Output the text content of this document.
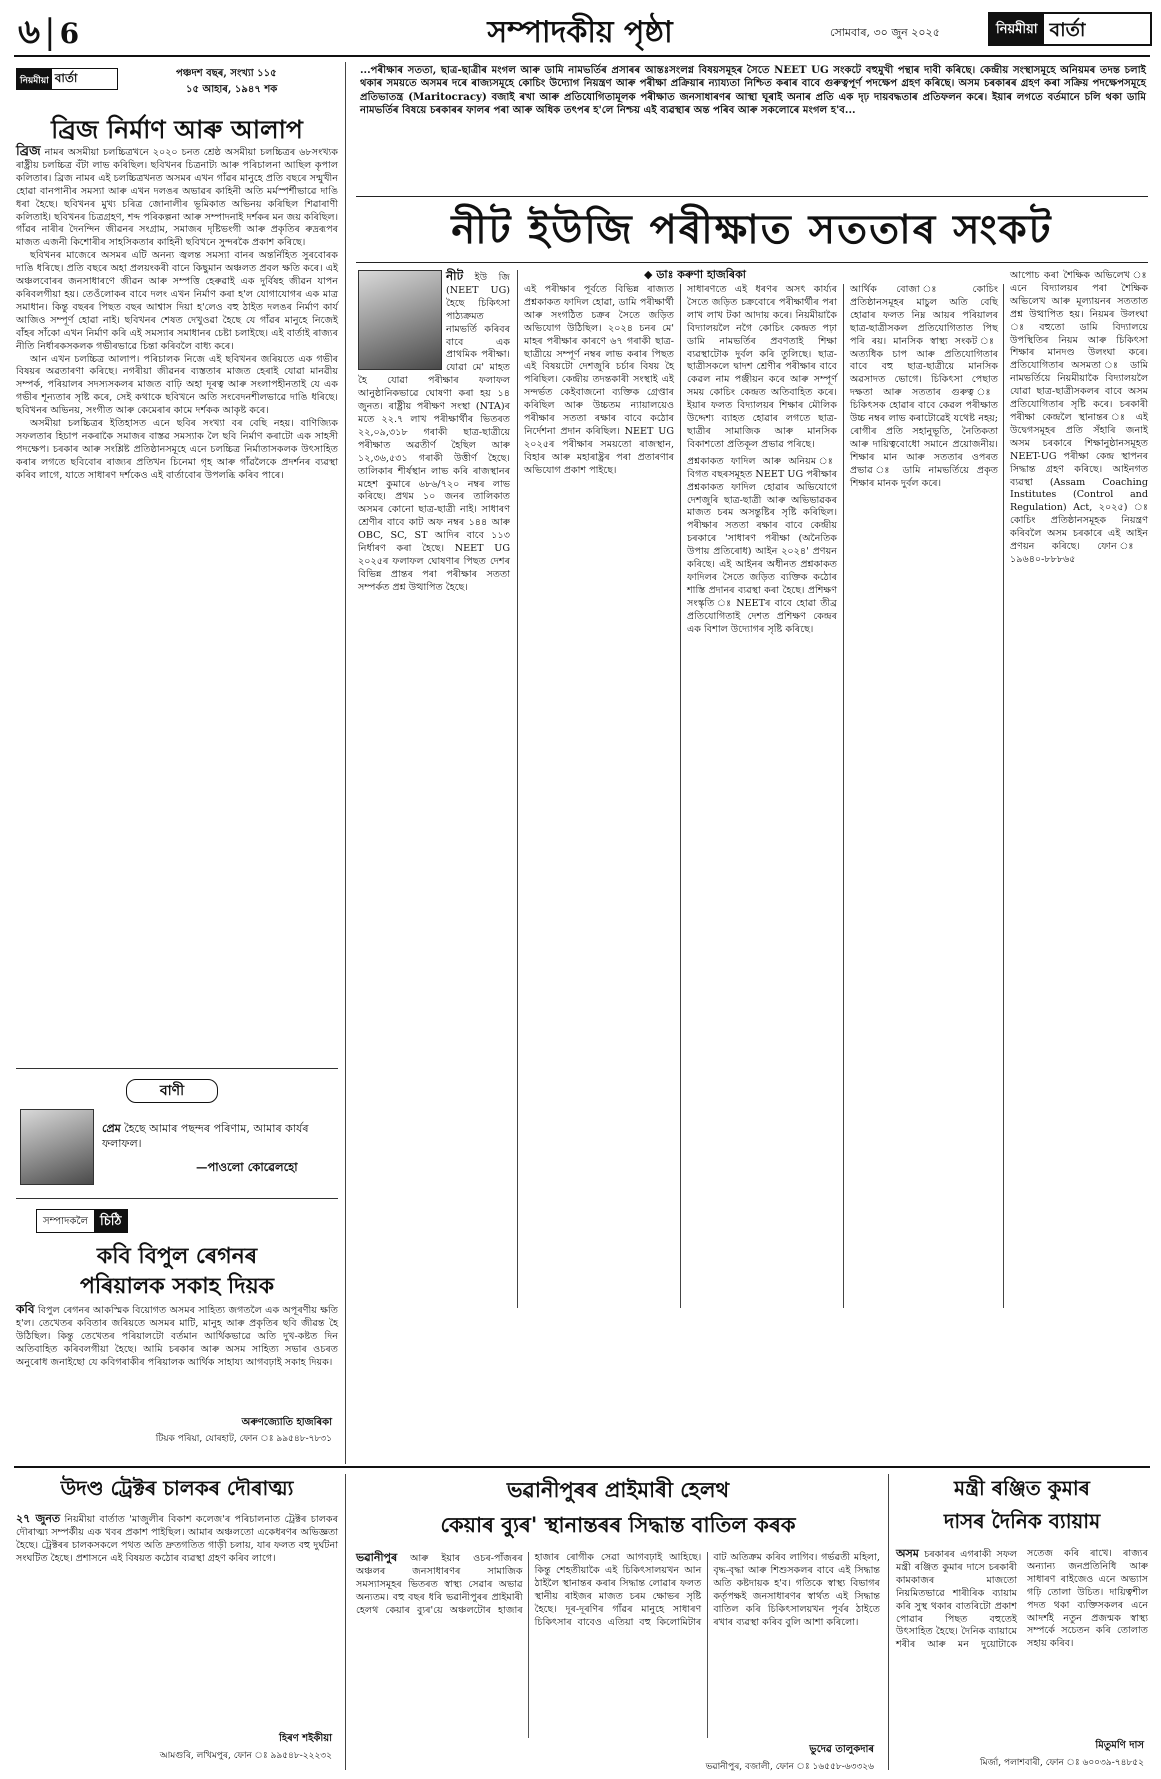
৬ | 6	সম্পাদকীয় পৃষ্ঠা	সোমবাৰ, ৩০ জুন ২০২৫	নিয়মীয়া বাৰ্তা
নিয়মীয়া বাৰ্তা	পঞ্চদশ বছৰ, সংখ্যা ১১৫
১৫ আহাৰ, ১৯৪৭ শক
ব্ৰিজ নিৰ্মাণ আৰু আলাপ

ব্ৰিজ নামৰ অসমীয়া চলচ্চিত্ৰখনে ২০২০ চনত শ্ৰেষ্ঠ অসমীয়া চলচ্চিত্ৰৰ ৬৮সংখ্যক ৰাষ্ট্ৰীয় চলচ্চিত্ৰ বঁটা লাভ কৰিছিল। ছবিখনৰ চিত্ৰনাট্য আৰু পৰিচালনা আছিল কৃপাল কলিতাৰ। ব্ৰিজ নামৰ এই চলচ্চিত্ৰখনত অসমৰ এখন গাঁৱৰ মানুহে প্ৰতি বছৰে সন্মুখীন হোৱা বানপানীৰ সমস্যা আৰু এখন দলঙৰ অভাৱৰ কাহিনী অতি মৰ্মস্পৰ্শীভাৱে দাঙি ধৰা হৈছে। ছবিখনৰ মুখ্য চৰিত্ৰ জোনালীৰ ভূমিকাত অভিনয় কৰিছিল শিৱাৰাণী কলিতাই। ছবিখনৰ চিত্ৰগ্ৰহণ, শব্দ পৰিকল্পনা আৰু সম্পাদনাই দৰ্শকৰ মন জয় কৰিছিল। গাঁৱৰ নাৰীৰ দৈনন্দিন জীৱনৰ সংগ্ৰাম, সমাজৰ দৃষ্টিভংগী আৰু প্ৰকৃতিৰ ৰুদ্ৰৰূপৰ মাজত এজনী কিশোৰীৰ সাহসিকতাৰ কাহিনী ছবিখনে সুন্দৰকৈ প্ৰকাশ কৰিছে।

ছবিখনৰ মাজেৰে অসমৰ এটি অনন্য জ্বলন্ত সমস্যা বানৰ অন্তৰ্নিহিত সুৰবোৰক দাঙি ধৰিছে। প্ৰতি বছৰে অহা প্ৰলয়ংকৰী বানে কিছুমান অঞ্চলত প্ৰবল ক্ষতি কৰে। এই অঞ্চলবোৰৰ জনসাধাৰণে জীৱন আৰু সম্পত্তি হেৰুৱাই এক দুৰ্বিষহ জীৱন যাপন কৰিবলগীয়া হয়। তেওঁলোকৰ বাবে দলং এখন নিৰ্মাণ কৰা হ'ল যোগাযোগৰ এক মাত্ৰ সমাধান। কিন্তু বছৰৰ পিছত বছৰ আশ্বাস দিয়া হ'লেও বহু ঠাইত দলঙৰ নিৰ্মাণ কাৰ্য আজিও সম্পূৰ্ণ হোৱা নাই। ছবিখনৰ শেষত দেখুওৱা হৈছে যে গাঁৱৰ মানুহে নিজেই বাঁহৰ সাঁকো এখন নিৰ্মাণ কৰি এই সমস্যাৰ সমাধানৰ চেষ্টা চলাইছে। এই বাৰ্তাই ৰাজ্যৰ নীতি নিৰ্ধাৰকসকলক গভীৰভাৱে চিন্তা কৰিবলৈ বাধ্য কৰে।

আন এখন চলচ্চিত্ৰ আলাপ। পৰিচালক নিজে এই ছবিখনৰ জৰিয়তে এক গভীৰ বিষয়ৰ অৱতাৰণা কৰিছে। নগৰীয়া জীৱনৰ ব্যস্ততাৰ মাজত হেৰাই যোৱা মানৱীয় সম্পৰ্ক, পৰিয়ালৰ সদস্যসকলৰ মাজত বাঢ়ি অহা দূৰত্ব আৰু সংলাপহীনতাই যে এক গভীৰ শূন্যতাৰ সৃষ্টি কৰে, সেই কথাকে ছবিখনে অতি সংবেদনশীলভাৱে দাঙি ধৰিছে। ছবিখনৰ অভিনয়, সংগীত আৰু কেমেৰাৰ কামে দৰ্শকক আকৃষ্ট কৰে।

অসমীয়া চলচ্চিত্ৰৰ ইতিহাসত এনে ছবিৰ সংখ্যা বৰ বেছি নহয়। বাণিজ্যিক সফলতাৰ হিচাপ নকৰাকৈ সমাজৰ বাস্তৱ সমস্যাক লৈ ছবি নিৰ্মাণ কৰাটো এক সাহসী পদক্ষেপ। চৰকাৰ আৰু সংশ্লিষ্ট প্ৰতিষ্ঠানসমূহে এনে চলচ্চিত্ৰ নিৰ্মাতাসকলক উৎসাহিত কৰাৰ লগতে ছবিবোৰ ৰাজ্যৰ প্ৰতিখন চিনেমা গৃহ আৰু গাঁৱলৈকে প্ৰদৰ্শনৰ ব্যৱস্থা কৰিব লাগে, যাতে সাধাৰণ দৰ্শকেও এই বাৰ্তাবোৰ উপলব্ধি কৰিব পাৰে।

বাণী
প্ৰেম হৈছে আমাৰ পছন্দৰ পৰিণাম, আমাৰ কাৰ্যৰ ফলাফল।
—পাওলো কোৱেলহো
সম্পাদকলৈ চিঠি
কবি বিপুল ৰেগনৰ
পৰিয়ালক সকাহ দিয়ক

কবি বিপুল ৰেগনৰ আকস্মিক বিয়োগত অসমৰ সাহিত্য জগতলৈ এক অপূৰণীয় ক্ষতি হ'ল। তেখেতৰ কবিতাৰ জৰিয়তে অসমৰ মাটি, মানুহ আৰু প্ৰকৃতিৰ ছবি জীৱন্ত হৈ উঠিছিল। কিন্তু তেখেতৰ পৰিয়ালটো বৰ্তমান আৰ্থিকভাৱে অতি দুখ-কষ্টত দিন অতিবাহিত কৰিবলগীয়া হৈছে। আমি চৰকাৰ আৰু অসম সাহিত্য সভাৰ ওচৰত অনুৰোধ জনাইছো যে কবিগৰাকীৰ পৰিয়ালক আৰ্থিক সাহায্য আগবঢ়াই সকাহ দিয়ক।

অৰুণজ্যোতি হাজৰিকা
টিয়ক পৰিয়া, যোৰহাট, ফোন ঃ ৯৯৫৪৮-৭৮৩১

...পৰীক্ষাৰ সততা, ছাত্ৰ-ছাত্ৰীৰ মংগল আৰু ডামি নামভৰ্তিৰ প্ৰসাৰৰ আন্তঃসংলগ্ন বিষয়সমূহৰ সৈতে NEET UG সংকটে বহুমুখী পন্থাৰ দাবী কৰিছে। কেন্দ্ৰীয় সংস্থাসমূহে অনিয়মৰ তদন্ত চলাই থকাৰ সময়তে অসমৰ দৰে ৰাজ্যসমূহে কোচিং উদ্যোগ নিয়ন্ত্ৰণ আৰু পৰীক্ষা প্ৰক্ৰিয়াৰ ন্যায্যতা নিশ্চিত কৰাৰ বাবে গুৰুত্বপূৰ্ণ পদক্ষেপ গ্ৰহণ কৰিছে। অসম চৰকাৰৰ গ্ৰহণ কৰা সক্ৰিয় পদক্ষেপসমূহে প্ৰতিভাতন্ত্ৰ (Maritocracy) বজাই ৰখা আৰু প্ৰতিযোগিতামূলক পৰীক্ষাত জনসাধাৰণৰ আস্থা ঘূৰাই অনাৰ প্ৰতি এক দৃঢ় দায়বদ্ধতাৰ প্ৰতিফলন কৰে। ইয়াৰ লগতে বৰ্তমানে চলি থকা ডামি নামভৰ্তিৰ বিষয়ে চৰকাৰৰ ফালৰ পৰা আৰু অধিক তৎপৰ হ'লে নিশ্চয় এই ব্যৱস্থাৰ অন্ত পৰিব আৰু সকলোৰে মংগল হ'ব...

নীট ইউজি পৰীক্ষাত সততাৰ সংকট
◆ ডাঃ কৰুণা হাজৰিকা

নীট ইউ জি (NEET UG) হৈছে চিকিৎসা পাঠ্যক্ৰমত নামভৰ্তি কৰিবৰ বাবে এক প্ৰাথমিক পৰীক্ষা। যোৱা মে' মাহত হৈ যোৱা পৰীক্ষাৰ ফলাফল আনুষ্ঠানিকভাৱে ঘোষণা কৰা হয় ১৪ জুনত। ৰাষ্ট্ৰীয় পৰীক্ষণ সংস্থা (NTA)ৰ মতে ২২.৭ লাখ পৰীক্ষাৰ্থীৰ ভিতৰত ২২,০৯,৩১৮ গৰাকী ছাত্ৰ-ছাত্ৰীয়ে পৰীক্ষাত অৱতীৰ্ণ হৈছিল আৰু ১২,৩৬,৫৩১ গৰাকী উত্তীৰ্ণ হৈছে। তালিকাৰ শীৰ্ষস্থান লাভ কৰি ৰাজস্থানৰ মহেশ কুমাৰে ৬৮৬/৭২০ নম্বৰ লাভ কৰিছে। প্ৰথম ১০ জনৰ তালিকাত অসমৰ কোনো ছাত্ৰ-ছাত্ৰী নাই। সাধাৰণ শ্ৰেণীৰ বাবে কাট অফ নম্বৰ ১৪৪ আৰু OBC, SC, ST আদিৰ বাবে ১১৩ নিৰ্ধাৰণ কৰা হৈছে। NEET UG ২০২৫ৰ ফলাফল ঘোষণাৰ পিছত দেশৰ বিভিন্ন প্ৰান্তৰ পৰা পৰীক্ষাৰ সততা সম্পৰ্কত প্ৰশ্ন উত্থাপিত হৈছে।

এই পৰীক্ষাৰ পূৰ্বতে বিভিন্ন ৰাজ্যত প্ৰশ্নকাকত ফাদিল হোৱা, ডামি পৰীক্ষাৰ্থী আৰু সংগঠিত চক্ৰৰ সৈতে জড়িত অভিযোগ উঠিছিল। ২০২৪ চনৰ মে' মাহৰ পৰীক্ষাৰ কাৰণে ৬৭ গৰাকী ছাত্ৰ-ছাত্ৰীয়ে সম্পূৰ্ণ নম্বৰ লাভ কৰাৰ পিছত এই বিষয়টো দেশজুৰি চৰ্চাৰ বিষয় হৈ পৰিছিল। কেন্দ্ৰীয় তদন্তকাৰী সংস্থাই এই সন্দৰ্ভত কেইবাজনো ব্যক্তিক গ্ৰেপ্তাৰ কৰিছিল আৰু উচ্চতম ন্যায়ালয়েও পৰীক্ষাৰ সততা ৰক্ষাৰ বাবে কঠোৰ নিৰ্দেশনা প্ৰদান কৰিছিল। NEET UG ২০২৫ৰ পৰীক্ষাৰ সময়তো ৰাজস্থান, বিহাৰ আৰু মহাৰাষ্ট্ৰৰ পৰা প্ৰতাৰণাৰ অভিযোগ প্ৰকাশ পাইছে।

সাধাৰণতে এই ধৰণৰ অসৎ কাৰ্য্যৰ সৈতে জড়িত চক্ৰবোৰে পৰীক্ষাৰ্থীৰ পৰা লাখ লাখ টকা আদায় কৰে। নিয়মীয়াকৈ বিদ্যালয়লৈ নগৈ কোচিং কেন্দ্ৰত পঢ়া ডামি নামভৰ্তিৰ প্ৰবণতাই শিক্ষা ব্যৱস্থাটোক দুৰ্বল কৰি তুলিছে। ছাত্ৰ-ছাত্ৰীসকলে দ্বাদশ শ্ৰেণীৰ পৰীক্ষাৰ বাবে কেৱল নাম পঞ্জীয়ন কৰে আৰু সম্পূৰ্ণ সময় কোচিং কেন্দ্ৰত অতিবাহিত কৰে। ইয়াৰ ফলত বিদ্যালয়ৰ শিক্ষাৰ মৌলিক উদ্দেশ্য ব্যাহত হোৱাৰ লগতে ছাত্ৰ-ছাত্ৰীৰ সামাজিক আৰু মানসিক বিকাশতো প্ৰতিকূল প্ৰভাৱ পৰিছে।

প্ৰশ্নকাকত ফাদিল আৰু অনিয়ম ঃ বিগত বছৰসমূহত NEET UG পৰীক্ষাৰ প্ৰশ্নকাকত ফাদিল হোৱাৰ অভিযোগে দেশজুৰি ছাত্ৰ-ছাত্ৰী আৰু অভিভাৱকৰ মাজত চৰম অসন্তুষ্টিৰ সৃষ্টি কৰিছিল। পৰীক্ষাৰ সততা ৰক্ষাৰ বাবে কেন্দ্ৰীয় চৰকাৰে 'সাধাৰণ পৰীক্ষা (অনৈতিক উপায় প্ৰতিৰোধ) আইন ২০২৪' প্ৰণয়ন কৰিছে। এই আইনৰ অধীনত প্ৰশ্নকাকত ফাদিলৰ সৈতে জড়িত ব্যক্তিক কঠোৰ শাস্তি প্ৰদানৰ ব্যৱস্থা কৰা হৈছে। প্ৰশিক্ষণ সংস্কৃতি ঃ NEETৰ বাবে হোৱা তীব্ৰ প্ৰতিযোগিতাই দেশত প্ৰশিক্ষণ কেন্দ্ৰৰ এক বিশাল উদ্যোগৰ সৃষ্টি কৰিছে।

আৰ্থিক বোজা ঃ কোচিং প্ৰতিষ্ঠানসমূহৰ মাচুল অতি বেছি হোৱাৰ ফলত নিম্ন আয়ৰ পৰিয়ালৰ ছাত্ৰ-ছাত্ৰীসকল প্ৰতিযোগিতাত পিছ পৰি ৰয়। মানসিক স্বাস্থ্য সংকট ঃ অত্যধিক চাপ আৰু প্ৰতিযোগিতাৰ বাবে বহু ছাত্ৰ-ছাত্ৰীয়ে মানসিক অৱসাদত ভোগে। চিকিৎসা পেছাত দক্ষতা আৰু সততাৰ গুৰুত্ব ঃ চিকিৎসক হোৱাৰ বাবে কেৱল পৰীক্ষাত উচ্চ নম্বৰ লাভ কৰাটোৱেই যথেষ্ট নহয়; ৰোগীৰ প্ৰতি সহানুভূতি, নৈতিকতা আৰু দায়িত্ববোধো সমানে প্ৰয়োজনীয়। শিক্ষাৰ মান আৰু সততাৰ ওপৰত প্ৰভাৱ ঃ ডামি নামভৰ্তিয়ে প্ৰকৃত শিক্ষাৰ মানক দুৰ্বল কৰে।

আপোচ কৰা শৈক্ষিক অভিলেখ ঃ এনে বিদ্যালয়ৰ পৰা শৈক্ষিক অভিলেখ আৰু মূল্যায়নৰ সততাত প্ৰশ্ন উত্থাপিত হয়। নিয়মৰ উলংঘা ঃ বহুতো ডামি বিদ্যালয়ে উপস্থিতিৰ নিয়ম আৰু চিকিৎসা শিক্ষাৰ মানদণ্ড উলংঘা কৰে। প্ৰতিযোগিতাৰ অসমতা ঃ ডামি নামভৰ্তিয়ে নিয়মীয়াকৈ বিদ্যালয়লৈ যোৱা ছাত্ৰ-ছাত্ৰীসকলৰ বাবে অসম প্ৰতিযোগিতাৰ সৃষ্টি কৰে। চৰকাৰী পৰীক্ষা কেন্দ্ৰলৈ স্থানান্তৰ ঃ এই উদ্বেগসমূহৰ প্ৰতি সঁহাৰি জনাই অসম চৰকাৰে শিক্ষানুষ্ঠানসমূহত NEET-UG পৰীক্ষা কেন্দ্ৰ স্থাপনৰ সিদ্ধান্ত গ্ৰহণ কৰিছে। আইনগত ব্যৱস্থা (Assam Coaching Institutes (Control and Regulation) Act, ২০২৫) ঃ কোচিং প্ৰতিষ্ঠানসমূহক নিয়ন্ত্ৰণ কৰিবলৈ অসম চৰকাৰে এই আইন প্ৰণয়ন কৰিছে। ফোন ঃ ১৯৬৪০-৮৮৮৬৫

উদণ্ড ট্ৰেক্টৰ চালকৰ দৌৰাত্ম্য

২৭ জুনত নিয়মীয়া বাৰ্তাত 'মাজুলীৰ বিকাশ কলেজ'ৰ পৰিচালনাত ট্ৰেক্টৰ চালকৰ দৌৰাত্ম্য সম্পৰ্কীয় এক খবৰ প্ৰকাশ পাইছিল। আমাৰ অঞ্চলতো একেধৰণৰ অভিজ্ঞতা হৈছে। ট্ৰেক্টৰৰ চালকসকলে পথত অতি দ্ৰুতগতিত গাড়ী চলায়, যাৰ ফলত বহু দুৰ্ঘটনা সংঘটিত হৈছে। প্ৰশাসনে এই বিষয়ত কঠোৰ ব্যৱস্থা গ্ৰহণ কৰিব লাগে।

হিৰণ শইকীয়া
আমগুৰি, লখিমপুৰ, ফোন ঃ ৯৯৫৪৮-২২২৩২
ভৱানীপুৰৰ প্ৰাইমাৰী হেলথ
কেয়াৰ ব্যুৰ' স্থানান্তৰৰ সিদ্ধান্ত বাতিল কৰক

ভৱানীপুৰ আৰু ইয়াৰ ওচৰ-পাঁজৰৰ অঞ্চলৰ জনসাধাৰণৰ সামাজিক সমস্যাসমূহৰ ভিতৰত স্বাস্থ্য সেৱাৰ অভাৱ অন্যতম। বহু বছৰ ধৰি ভৱানীপুৰৰ প্ৰাইমাৰী হেলথ কেয়াৰ ব্যুৰ'য়ে অঞ্চলটোৰ হাজাৰ হাজাৰ ৰোগীক সেৱা আগবঢ়াই আহিছে। কিন্তু শেহতীয়াকৈ এই চিকিৎসালয়খন আন ঠাইলৈ স্থানান্তৰ কৰাৰ সিদ্ধান্ত লোৱাৰ ফলত স্থানীয় ৰাইজৰ মাজত চৰম ক্ষোভৰ সৃষ্টি হৈছে। দূৰ-দূৰণিৰ গাঁৱৰ মানুহে সাধাৰণ চিকিৎসাৰ বাবেও এতিয়া বহু কিলোমিটাৰ বাট অতিক্ৰম কৰিব লাগিব। গৰ্ভৱতী মহিলা, বৃদ্ধ-বৃদ্ধা আৰু শিশুসকলৰ বাবে এই সিদ্ধান্ত অতি কষ্টদায়ক হ'ব। গতিকে স্বাস্থ্য বিভাগৰ কৰ্তৃপক্ষই জনসাধাৰণৰ স্বাৰ্থত এই সিদ্ধান্ত বাতিল কৰি চিকিৎসালয়খন পূৰ্বৰ ঠাইতে ৰখাৰ ব্যৱস্থা কৰিব বুলি আশা কৰিলো।

ভুদেৱ তালুকদাৰ
ভৱানীপুৰ, বজালী, ফোন ঃ ১৬৫৫৮-৬৩৩২৬
মন্ত্ৰী ৰঞ্জিত কুমাৰ
দাসৰ দৈনিক ব্যায়াম

অসম চৰকাৰৰ এগৰাকী সফল মন্ত্ৰী ৰঞ্জিত কুমাৰ দাসে চৰকাৰী কামকাজৰ মাজতো নিয়মিতভাৱে শাৰীৰিক ব্যায়াম কৰি সুস্থ থকাৰ বাতৰিটো প্ৰকাশ পোৱাৰ পিছত বহুতেই উৎসাহিত হৈছে। দৈনিক ব্যায়ামে শৰীৰ আৰু মন দুয়োটাকে সতেজ কৰি ৰাখে। ৰাজ্যৰ অন্যান্য জনপ্ৰতিনিধি আৰু সাধাৰণ ৰাইজেও এনে অভ্যাস গঢ়ি তোলা উচিত। দায়িত্বশীল পদত থকা ব্যক্তিসকলৰ এনে আদৰ্শই নতুন প্ৰজন্মক স্বাস্থ্য সম্পৰ্কে সচেতন কৰি তোলাত সহায় কৰিব।

মিতুমণি দাস
মিৰ্জা, পলাশবাৰী, ফোন ঃ ৬০০৩৯-৭৪৮৫২
